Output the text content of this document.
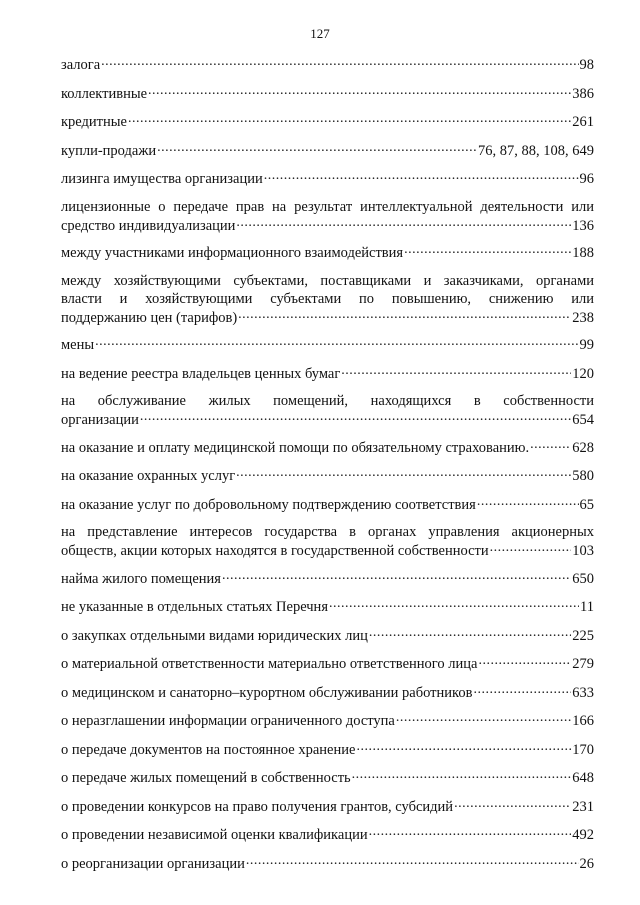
127
залога .....	98
коллективные .....	386
кредитные .....	261
купли-продажи .....	76, 87, 88, 108, 649
лизинга имущества организации .....	96
лицензионные о передаче прав на результат интеллектуальной деятельности или
средство индивидуализации .....	136
между участниками информационного взаимодействия .....	188
между хозяйствующими субъектами, поставщиками и заказчиками, органами
власти и хозяйствующими субъектами по повышению, снижению или
поддержанию цен (тарифов) .....	238
мены .....	99
на ведение реестра владельцев ценных бумаг .....	120
на обслуживание жилых помещений, находящихся в собственности
организации .....	654
на оказание и оплату медицинской помощи по обязательному страхованию. .....	628
на оказание охранных услуг .....	580
на оказание услуг по добровольному подтверждению соответствия .....	65
на представление интересов государства в органах управления акционерных
обществ, акции которых находятся в государственной собственности .....	103
найма жилого помещения .....	650
не указанные в отдельных статьях Перечня .....	11
о закупках отдельными видами юридических лиц .....	225
о материальной ответственности материально ответственного лица .....	279
о медицинском и санаторно–курортном обслуживании работников .....	633
о неразглашении информации ограниченного доступа .....	166
о передаче документов на постоянное хранение .....	170
о передаче жилых помещений в собственность .....	648
о проведении конкурсов на право получения грантов, субсидий .....	231
о проведении независимой оценки квалификации .....	492
о реорганизации организации .....	26
